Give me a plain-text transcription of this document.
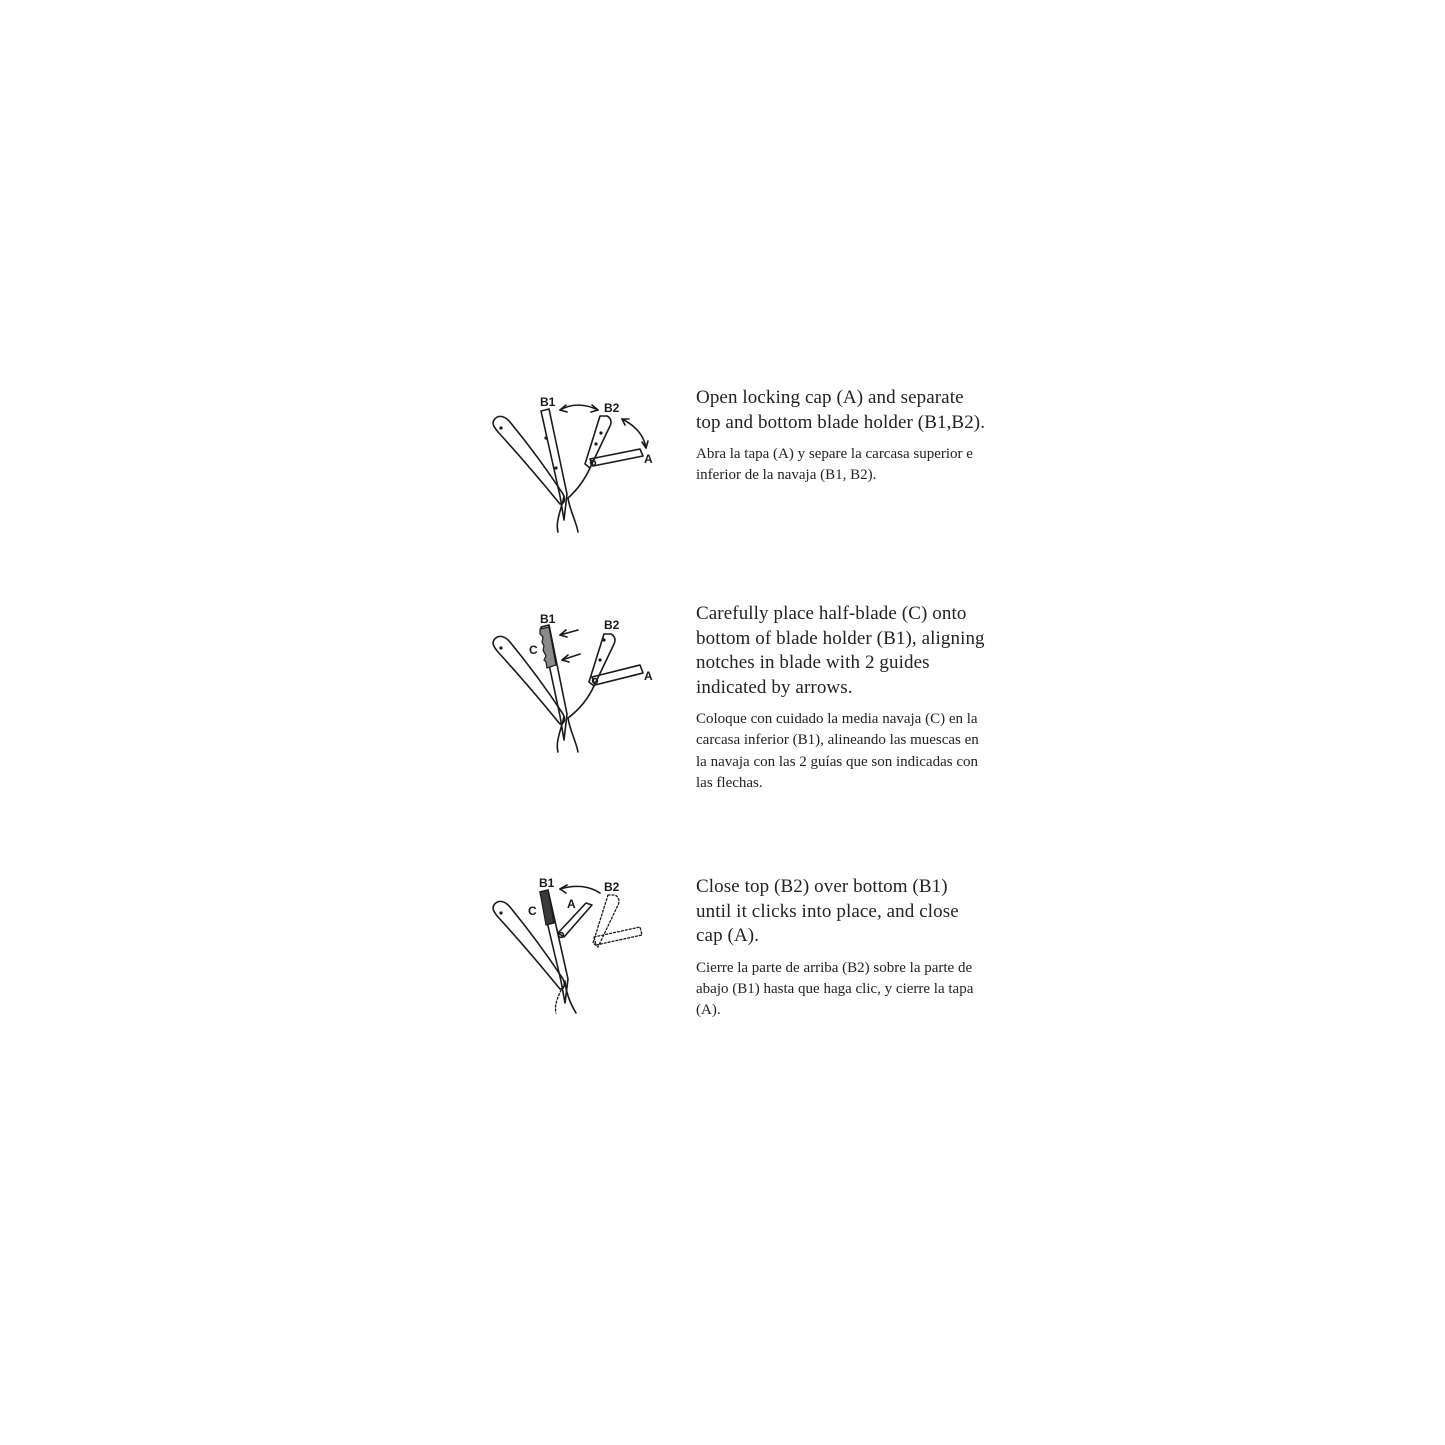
B1	B2
A

Open locking cap (A) and separate top and bottom blade holder (B1,B2).

Abra la tapa (A) y separe la carcasa superior e inferior de la navaja (B1, B2).

B1	B2
C
A

Carefully place half-blade (C) onto bottom of blade holder (B1), aligning notches in blade with 2 guides indicated by arrows.

Coloque con cuidado la media navaja (C) en la carcasa inferior (B1), alineando las muescas en la navaja con las 2 guías que son indicadas con las flechas.

B1	B2
C	A

Close top (B2) over bottom (B1) until it clicks into place, and close cap (A).

Cierre la parte de arriba (B2) sobre la parte de abajo (B1) hasta que haga clic, y cierre la tapa (A).
